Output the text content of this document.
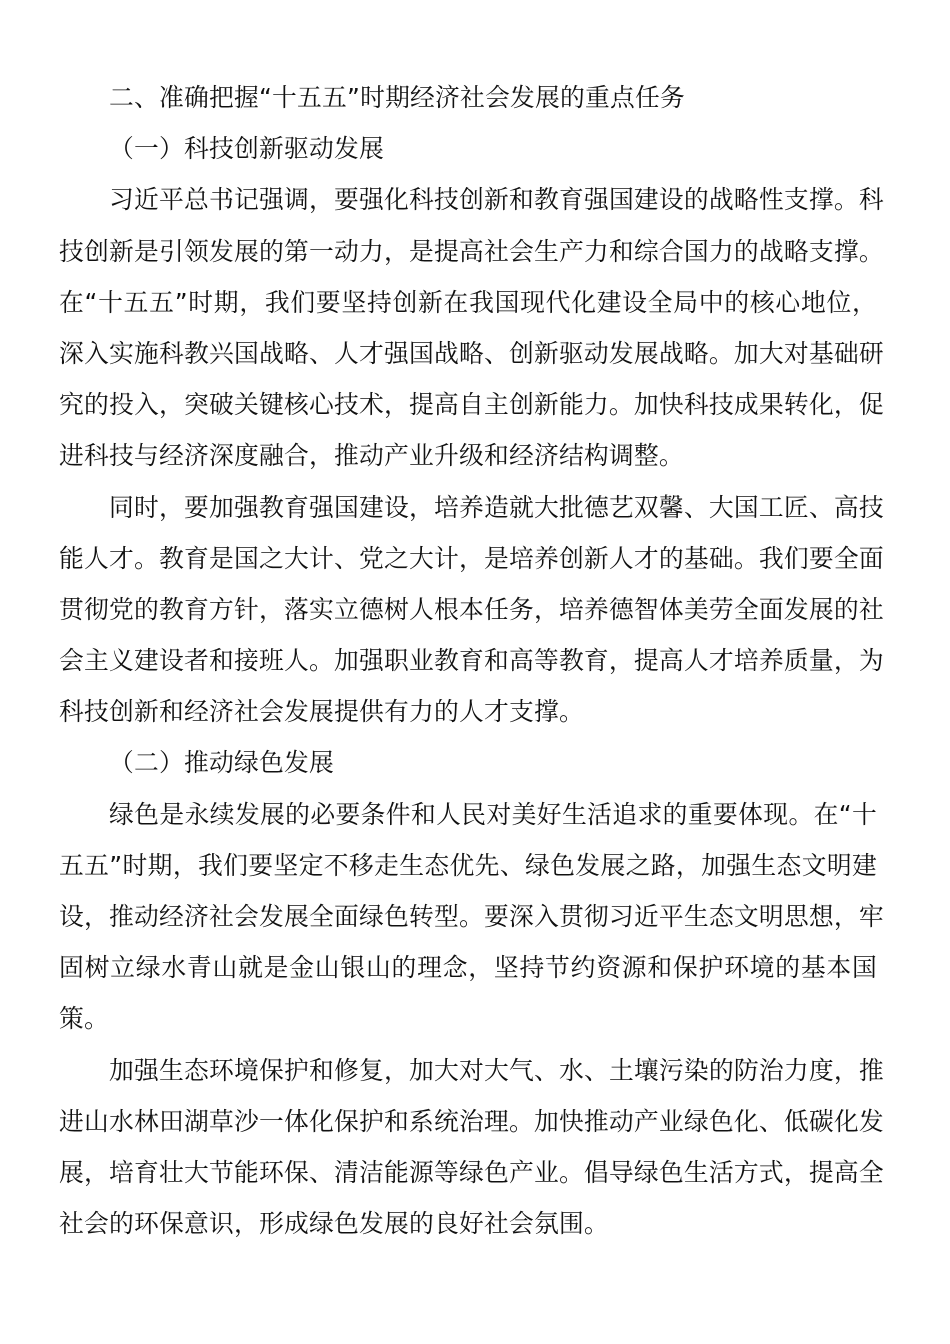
二、准确把握“十五五”时期经济社会发展的重点任务
（一）科技创新驱动发展
习近平总书记强调，要强化科技创新和教育强国建设的战略性支撑。科
技创新是引领发展的第一动力，是提高社会生产力和综合国力的战略支撑。
在“十五五”时期，我们要坚持创新在我国现代化建设全局中的核心地位，
深入实施科教兴国战略、人才强国战略、创新驱动发展战略。加大对基础研
究的投入，突破关键核心技术，提高自主创新能力。加快科技成果转化，促
进科技与经济深度融合，推动产业升级和经济结构调整。
同时，要加强教育强国建设，培养造就大批德艺双馨、大国工匠、高技
能人才。教育是国之大计、党之大计，是培养创新人才的基础。我们要全面
贯彻党的教育方针，落实立德树人根本任务，培养德智体美劳全面发展的社
会主义建设者和接班人。加强职业教育和高等教育，提高人才培养质量，为
科技创新和经济社会发展提供有力的人才支撑。
（二）推动绿色发展
绿色是永续发展的必要条件和人民对美好生活追求的重要体现。在“十
五五”时期，我们要坚定不移走生态优先、绿色发展之路，加强生态文明建
设，推动经济社会发展全面绿色转型。要深入贯彻习近平生态文明思想，牢
固树立绿水青山就是金山银山的理念，坚持节约资源和保护环境的基本国
策。
加强生态环境保护和修复，加大对大气、水、土壤污染的防治力度，推
进山水林田湖草沙一体化保护和系统治理。加快推动产业绿色化、低碳化发
展，培育壮大节能环保、清洁能源等绿色产业。倡导绿色生活方式，提高全
社会的环保意识，形成绿色发展的良好社会氛围。
